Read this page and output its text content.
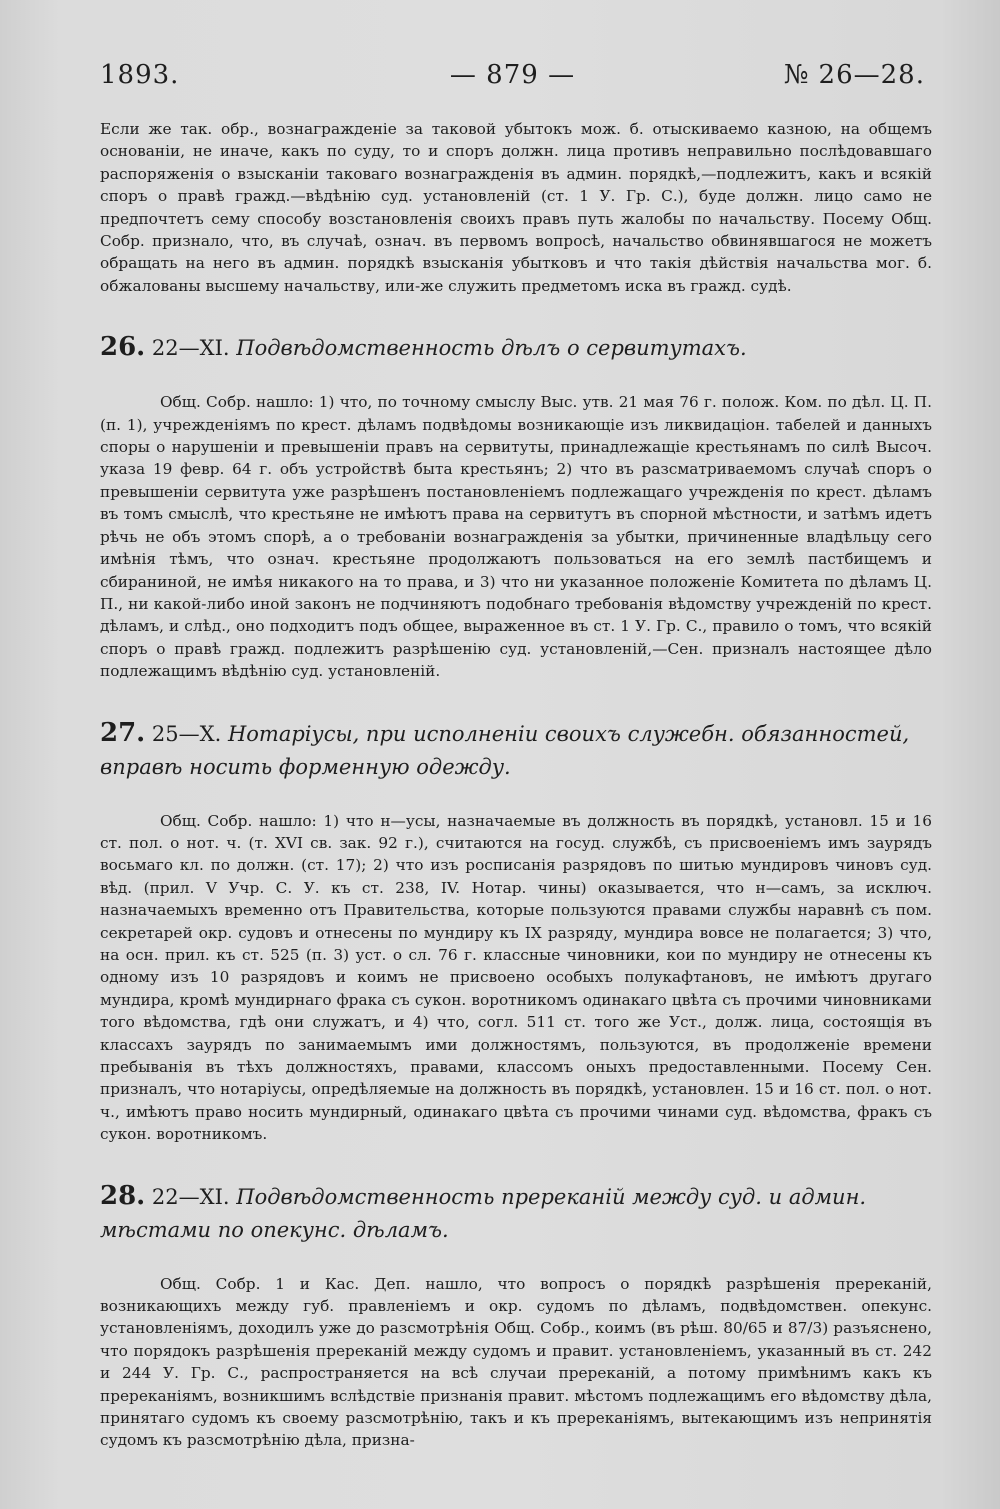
1893.	— 879 —	№ 26—28.

Если же так. обр., вознагражденіе за таковой убытокъ мож. б. отыскиваемо казною, на общемъ основаніи, не иначе, какъ по суду, то и споръ должн. лица противъ неправильно послѣдовавшаго распоряженія о взысканіи таковаго вознагражденія въ админ. порядкѣ,—подлежитъ, какъ и всякій споръ о правѣ гражд.—вѣдѣнію суд. установленій (ст. 1 У. Гр. С.), буде должн. лицо само не предпочтетъ сему способу возстановленія своихъ правъ путь жалобы по начальству. Посему Общ. Собр. признало, что, въ случаѣ, означ. въ первомъ вопросѣ, начальство обвинявшагося не можетъ обращать на него въ админ. порядкѣ взысканія убытковъ и что такія дѣйствія начальства мог. б. обжалованы высшему начальству, или-же служить предметомъ иска въ гражд. судѣ.

26. 22—XI. Подвѣдомственность дѣлъ о сервитутахъ.

Общ. Собр. нашло: 1) что, по точному смыслу Выс. утв. 21 мая 76 г. полож. Ком. по дѣл. Ц. П. (п. 1), учрежденіямъ по крест. дѣламъ подвѣдомы возникающіе изъ ликвидаціон. табелей и данныхъ споры о нарушеніи и превышеніи правъ на сервитуты, принадлежащіе крестьянамъ по силѣ Высоч. указа 19 февр. 64 г. объ устройствѣ быта крестьянъ; 2) что въ разсматриваемомъ случаѣ споръ о превышеніи сервитута уже разрѣшенъ постановленіемъ подлежащаго учрежденія по крест. дѣламъ въ томъ смыслѣ, что крестьяне не имѣютъ права на сервитутъ въ спорной мѣстности, и затѣмъ идетъ рѣчь не объ этомъ спорѣ, а о требованіи вознагражденія за убытки, причиненные владѣльцу сего имѣнія тѣмъ, что означ. крестьяне продолжаютъ пользоваться на его землѣ пастбищемъ и сбираниной, не имѣя никакого на то права, и 3) что ни указанное положеніе Комитета по дѣламъ Ц. П., ни какой-либо иной законъ не подчиняютъ подобнаго требованія вѣдомству учрежденій по крест. дѣламъ, и слѣд., оно подходитъ подъ общее, выраженное въ ст. 1 У. Гр. С., правило о томъ, что всякій споръ о правѣ гражд. подлежитъ разрѣшенію суд. установленій,—Сен. призналъ настоящее дѣло подлежащимъ вѣдѣнію суд. установленій.

27. 25—X. Нотаріусы, при исполненіи своихъ служебн. обязанностей, вправѣ носить форменную одежду.

Общ. Собр. нашло: 1) что н—усы, назначаемые въ должность въ порядкѣ, установл. 15 и 16 ст. пол. о нот. ч. (т. XVI св. зак. 92 г.), считаются на госуд. службѣ, съ присвоеніемъ имъ заурядъ восьмаго кл. по должн. (ст. 17); 2) что изъ росписанія разрядовъ по шитью мундировъ чиновъ суд. вѣд. (прил. V Учр. С. У. къ ст. 238, IV. Нотар. чины) оказывается, что н—самъ, за исключ. назначаемыхъ временно отъ Правительства, которые пользуются правами службы наравнѣ съ пом. секретарей окр. судовъ и отнесены по мундиру къ IX разряду, мундира вовсе не полагается; 3) что, на осн. прил. къ ст. 525 (п. 3) уст. о сл. 76 г. классные чиновники, кои по мундиру не отнесены къ одному изъ 10 разрядовъ и коимъ не присвоено особыхъ полукафтановъ, не имѣютъ другаго мундира, кромѣ мундирнаго фрака съ сукон. воротникомъ одинакаго цвѣта съ прочими чиновниками того вѣдомства, гдѣ они служатъ, и 4) что, согл. 511 ст. того же Уст., долж. лица, состоящія въ классахъ заурядъ по занимаемымъ ими должностямъ, пользуются, въ продолженіе времени пребыванія въ тѣхъ должностяхъ, правами, классомъ оныхъ предоставленными. Посему Сен. призналъ, что нотаріусы, опредѣляемые на должность въ порядкѣ, установлен. 15 и 16 ст. пол. о нот. ч., имѣютъ право носить мундирный, одинакаго цвѣта съ прочими чинами суд. вѣдомства, фракъ съ сукон. воротникомъ.

28. 22—XI. Подвѣдомственность пререканій между суд. и админ. мѣстами по опекунс. дѣламъ.

Общ. Собр. 1 и Кас. Деп. нашло, что вопросъ о порядкѣ разрѣшенія пререканій, возникающихъ между губ. правленіемъ и окр. судомъ по дѣламъ, подвѣдомствен. опекунс. установленіямъ, доходилъ уже до разсмотрѣнія Общ. Собр., коимъ (въ рѣш. 80/65 и 87/3) разъяснено, что порядокъ разрѣшенія пререканій между судомъ и правит. установленіемъ, указанный въ ст. 242 и 244 У. Гр. С., распространяется на всѣ случаи пререканій, а потому примѣнимъ какъ къ пререканіямъ, возникшимъ вслѣдствіе признанія правит. мѣстомъ подлежащимъ его вѣдомству дѣла, принятаго судомъ къ своему разсмотрѣнію, такъ и къ пререканіямъ, вытекающимъ изъ непринятія судомъ къ разсмотрѣнію дѣла, призна-
